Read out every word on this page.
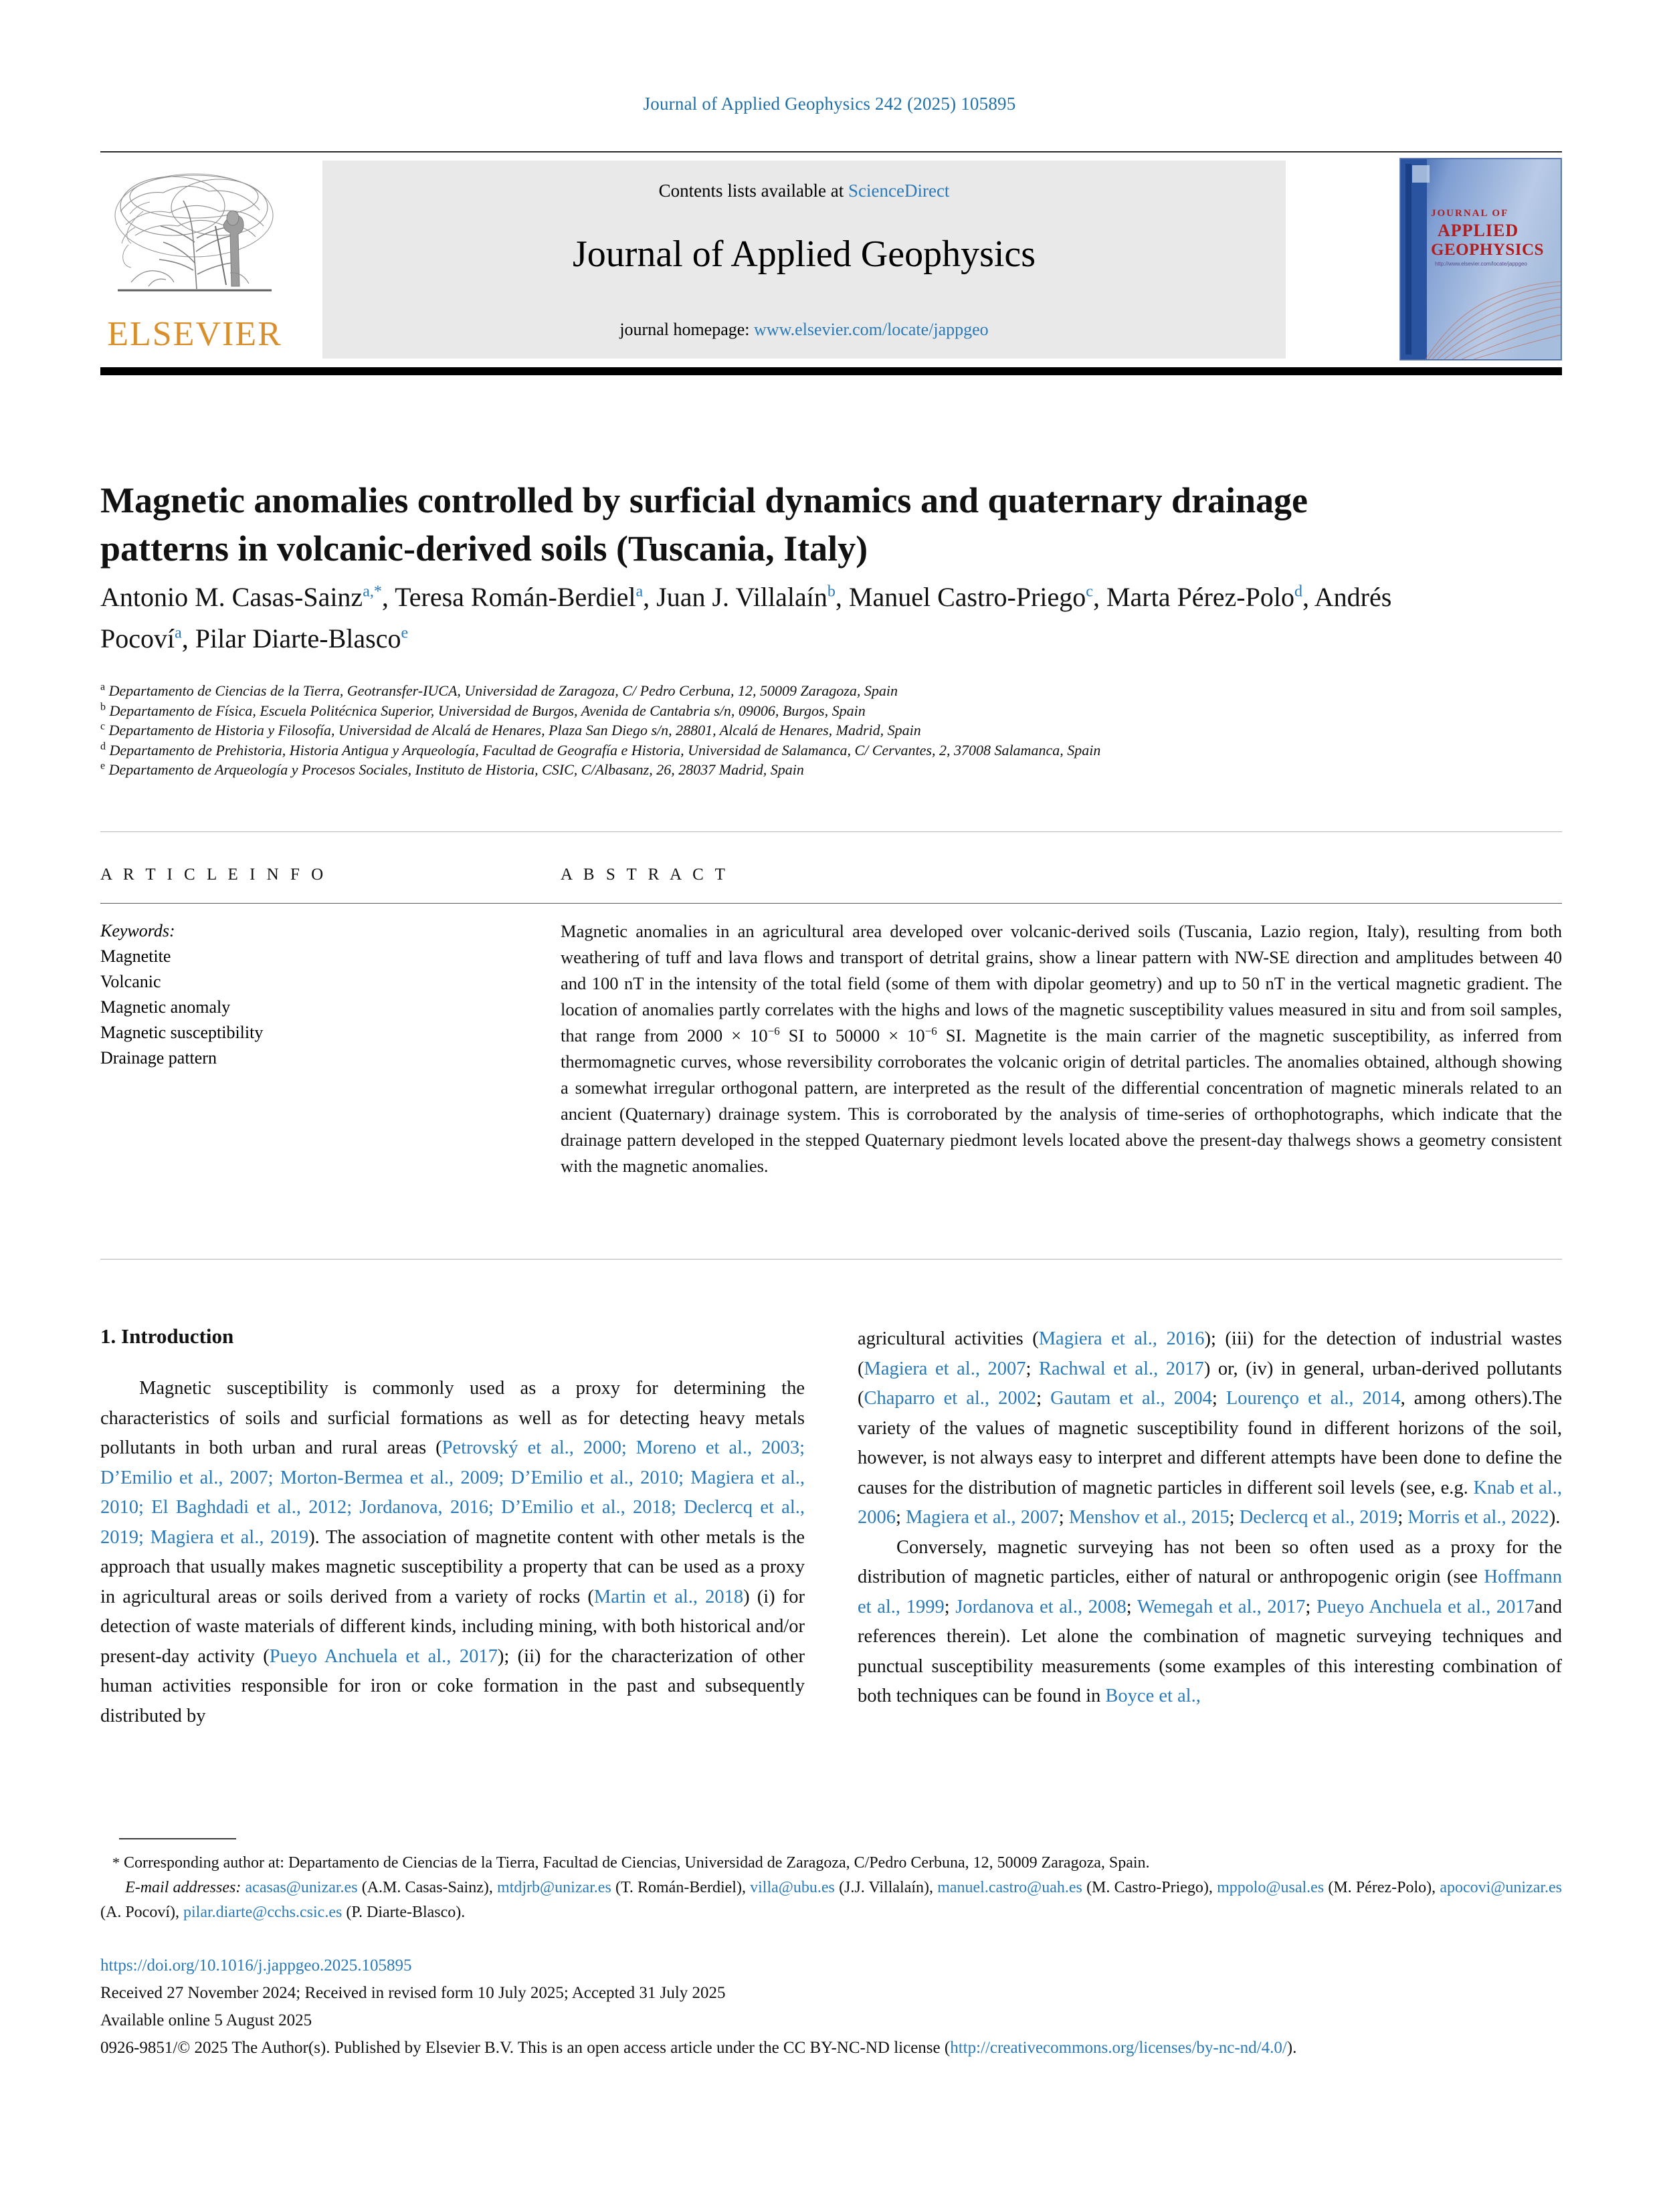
Journal of Applied Geophysics 242 (2025) 105895
ELSEVIER
Contents lists available at ScienceDirect
Journal of Applied Geophysics
journal homepage: www.elsevier.com/locate/jappgeo
JOURNAL OF
APPLIED
GEOPHYSICS
http://www.elsevier.com/locate/jappgeo
Magnetic anomalies controlled by surficial dynamics and quaternary drainage patterns in volcanic-derived soils (Tuscania, Italy)
Antonio M. Casas-Sainz$^{a,*}$, Teresa Román-Berdiel$^a$, Juan J. Villalaín$^b$, Manuel Castro-Priego$^c$, Marta Pérez-Polo$^d$, Andrés Pocoví$^a$, Pilar Diarte-Blasco$^e$
$^a$ Departamento de Ciencias de la Tierra, Geotransfer-IUCA, Universidad de Zaragoza, C/ Pedro Cerbuna, 12, 50009 Zaragoza, Spain
$^b$ Departamento de Física, Escuela Politécnica Superior, Universidad de Burgos, Avenida de Cantabria s/n, 09006, Burgos, Spain
$^c$ Departamento de Historia y Filosofía, Universidad de Alcalá de Henares, Plaza San Diego s/n, 28801, Alcalá de Henares, Madrid, Spain
$^d$ Departamento de Prehistoria, Historia Antigua y Arqueología, Facultad de Geografía e Historia, Universidad de Salamanca, C/ Cervantes, 2, 37008 Salamanca, Spain
$^e$ Departamento de Arqueología y Procesos Sociales, Instituto de Historia, CSIC, C/Albasanz, 26, 28037 Madrid, Spain
A R T I C L E I N F O
Keywords:
Magnetite
Volcanic
Magnetic anomaly
Magnetic susceptibility
Drainage pattern
A B S T R A C T
Magnetic anomalies in an agricultural area developed over volcanic-derived soils (Tuscania, Lazio region, Italy), resulting from both weathering of tuff and lava flows and transport of detrital grains, show a linear pattern with NW-SE direction and amplitudes between 40 and 100 nT in the intensity of the total field (some of them with dipolar geometry) and up to 50 nT in the vertical magnetic gradient. The location of anomalies partly correlates with the highs and lows of the magnetic susceptibility values measured in situ and from soil samples, that range from $2000 \times 10^{-6}$ SI to $50000 \times 10^{-6}$ SI. Magnetite is the main carrier of the magnetic susceptibility, as inferred from thermomagnetic curves, whose reversibility corroborates the volcanic origin of detrital particles. The anomalies obtained, although showing a somewhat irregular orthogonal pattern, are interpreted as the result of the differential concentration of magnetic minerals related to an ancient (Quaternary) drainage system. This is corroborated by the analysis of time-series of orthophotographs, which indicate that the drainage pattern developed in the stepped Quaternary piedmont levels located above the present-day thalwegs shows a geometry consistent with the magnetic anomalies.
1. Introduction

Magnetic susceptibility is commonly used as a proxy for determining the characteristics of soils and surficial formations as well as for detecting heavy metals pollutants in both urban and rural areas (Petrovský et al., 2000; Moreno et al., 2003; D’Emilio et al., 2007; Morton-Bermea et al., 2009; D’Emilio et al., 2010; Magiera et al., 2010; El Baghdadi et al., 2012; Jordanova, 2016; D’Emilio et al., 2018; Declercq et al., 2019; Magiera et al., 2019). The association of magnetite content with other metals is the approach that usually makes magnetic susceptibility a property that can be used as a proxy in agricultural areas or soils derived from a variety of rocks (Martin et al., 2018) (i) for detection of waste materials of different kinds, including mining, with both historical and/or present-day activity (Pueyo Anchuela et al., 2017); (ii) for the characterization of other human activities responsible for iron or coke formation in the past and subsequently distributed by

agricultural activities (Magiera et al., 2016); (iii) for the detection of industrial wastes (Magiera et al., 2007; Rachwal et al., 2017) or, (iv) in general, urban-derived pollutants (Chaparro et al., 2002; Gautam et al., 2004; Lourenço et al., 2014, among others).The variety of the values of magnetic susceptibility found in different horizons of the soil, however, is not always easy to interpret and different attempts have been done to define the causes for the distribution of magnetic particles in different soil levels (see, e.g. Knab et al., 2006; Magiera et al., 2007; Menshov et al., 2015; Declercq et al., 2019; Morris et al., 2022).

Conversely, magnetic surveying has not been so often used as a proxy for the distribution of magnetic particles, either of natural or anthropogenic origin (see Hoffmann et al., 1999; Jordanova et al., 2008; Wemegah et al., 2017; Pueyo Anchuela et al., 2017and references therein). Let alone the combination of magnetic surveying techniques and punctual susceptibility measurements (some examples of this interesting combination of both techniques can be found in Boyce et al.,

* Corresponding author at: Departamento de Ciencias de la Tierra, Facultad de Ciencias, Universidad de Zaragoza, C/Pedro Cerbuna, 12, 50009 Zaragoza, Spain.
E-mail addresses: acasas@unizar.es (A.M. Casas-Sainz), mtdjrb@unizar.es (T. Román-Berdiel), villa@ubu.es (J.J. Villalaín), manuel.castro@uah.es (M. Castro-Priego), mppolo@usal.es (M. Pérez-Polo), apocovi@unizar.es (A. Pocoví), pilar.diarte@cchs.csic.es (P. Diarte-Blasco).
https://doi.org/10.1016/j.jappgeo.2025.105895
Received 27 November 2024; Received in revised form 10 July 2025; Accepted 31 July 2025
Available online 5 August 2025
0926-9851/© 2025 The Author(s). Published by Elsevier B.V. This is an open access article under the CC BY-NC-ND license (http://creativecommons.org/licenses/by-nc-nd/4.0/).
